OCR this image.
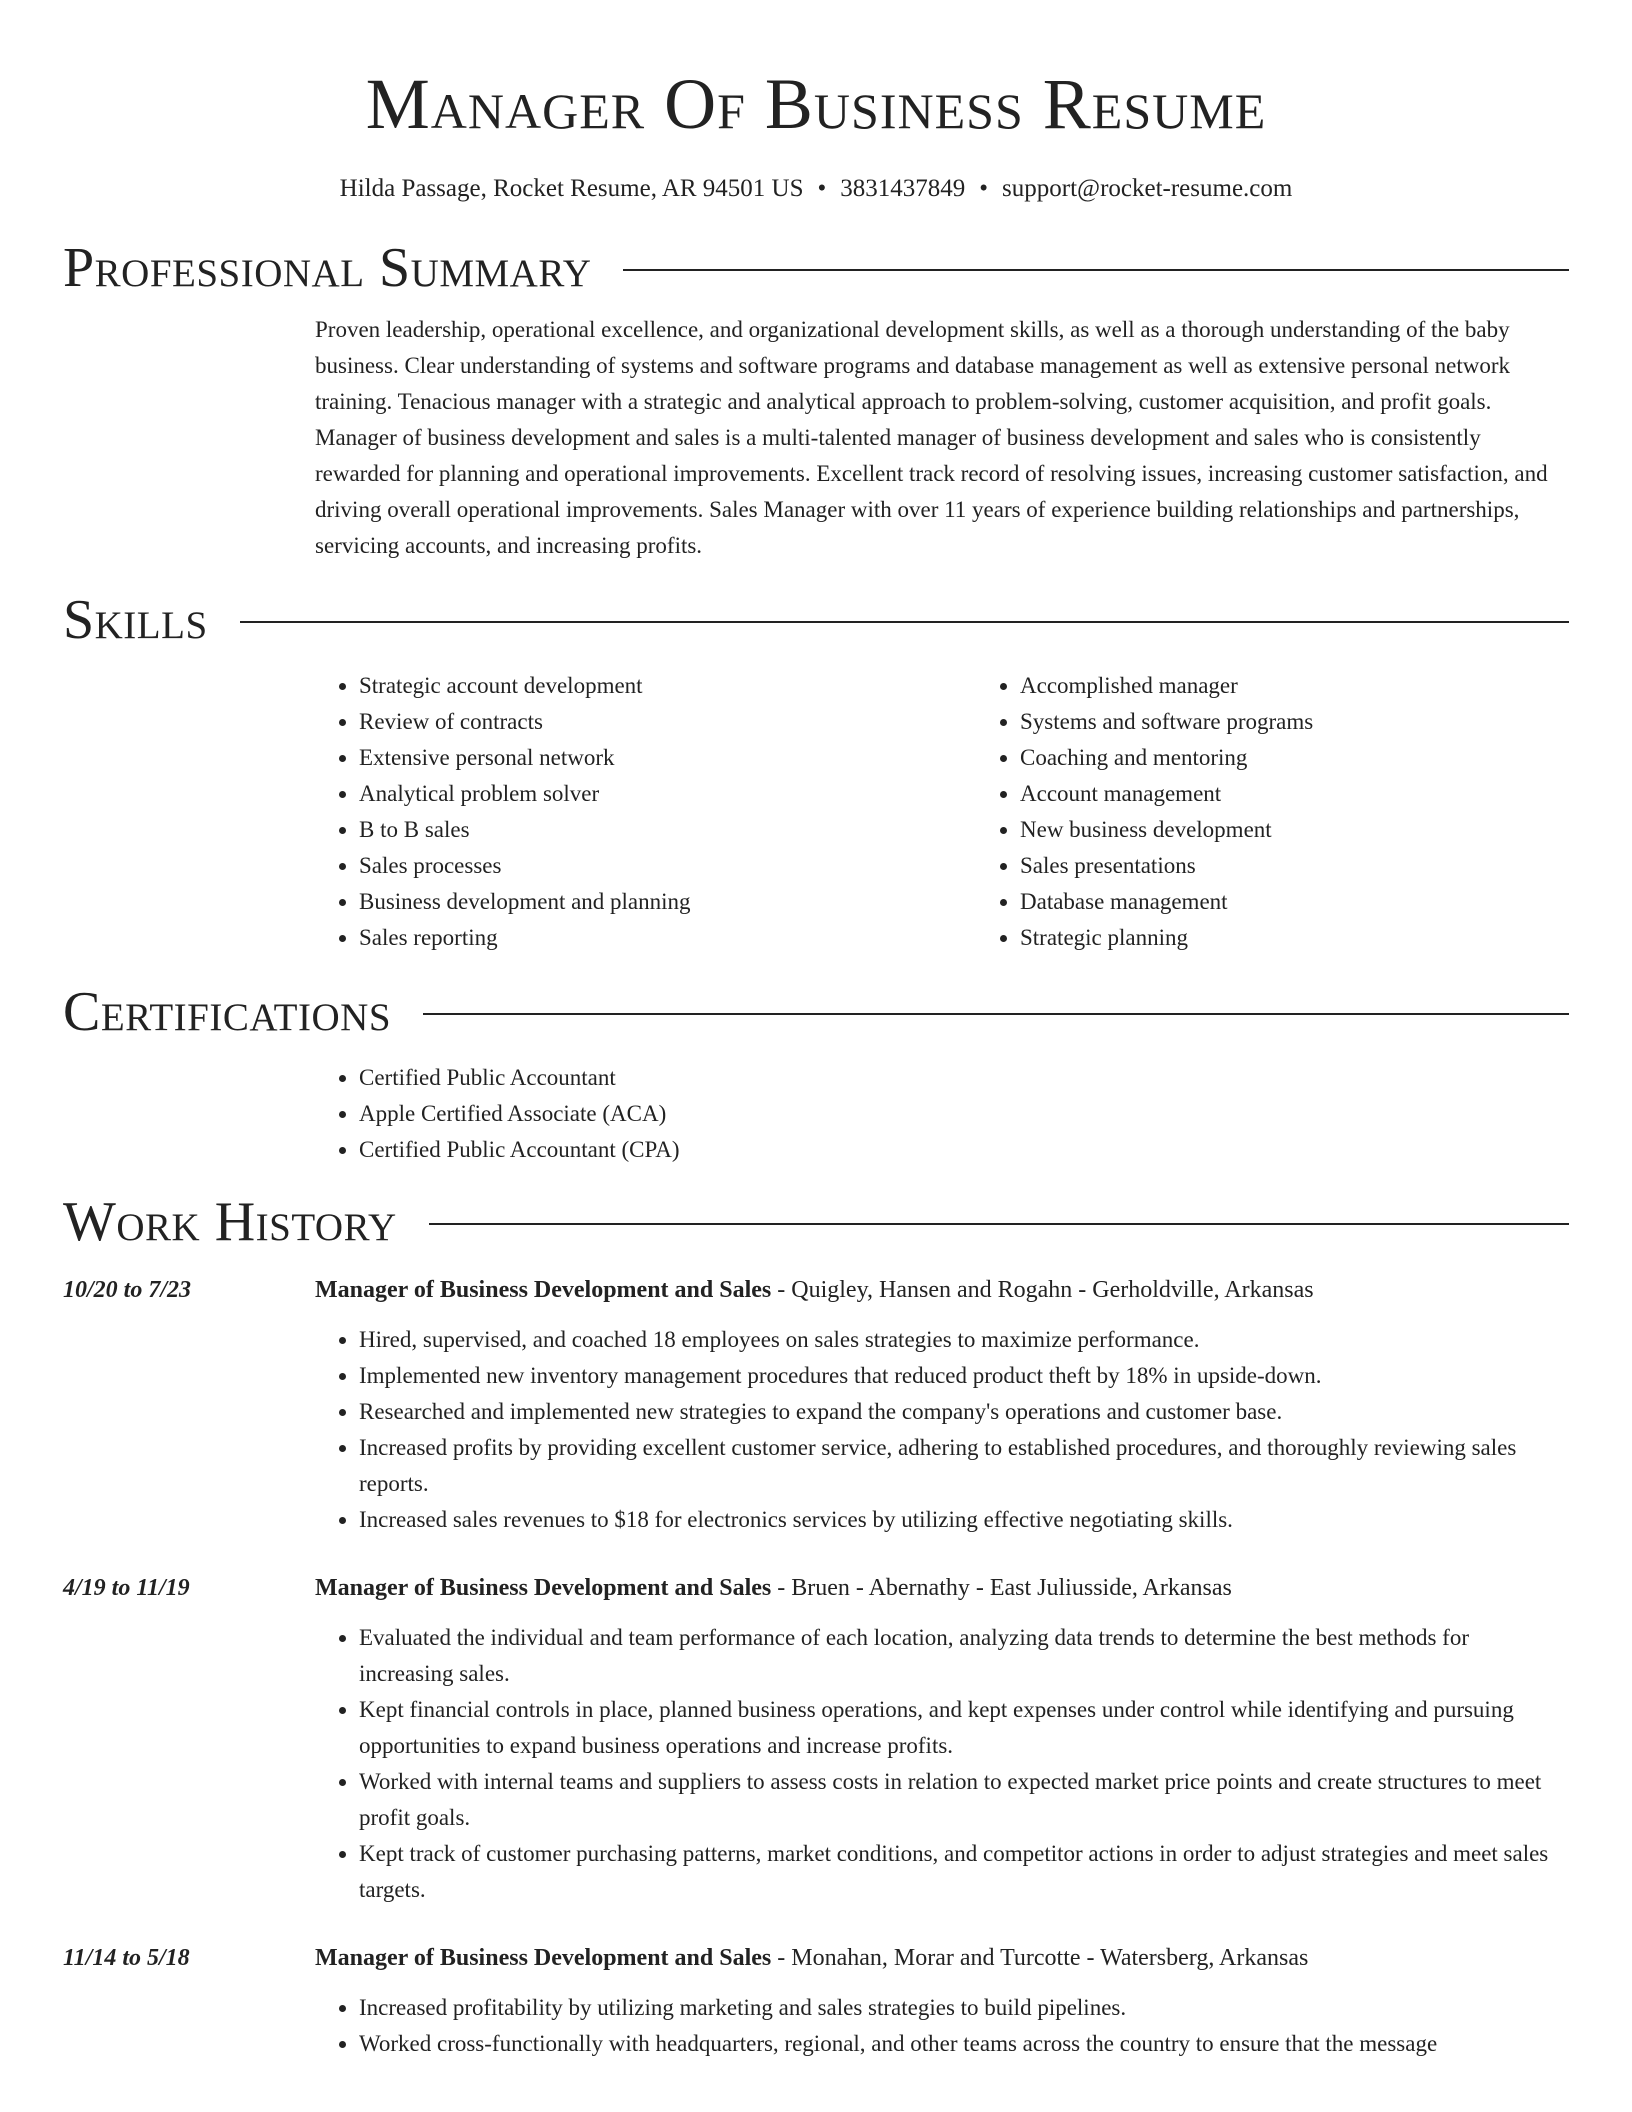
Manager Of Business Resume
Hilda Passage, Rocket Resume, AR 94501 US • 3831437849 • support@rocket-resume.com
Professional Summary

Proven leadership, operational excellence, and organizational development skills, as well as a thorough understanding of the baby business. Clear understanding of systems and software programs and database management as well as extensive personal network training. Tenacious manager with a strategic and analytical approach to problem-solving, customer acquisition, and profit goals. Manager of business development and sales is a multi-talented manager of business development and sales who is consistently rewarded for planning and operational improvements. Excellent track record of resolving issues, increasing customer satisfaction, and driving overall operational improvements. Sales Manager with over 11 years of experience building relationships and partnerships, servicing accounts, and increasing profits.

Skills
• Strategic account development
• Review of contracts
• Extensive personal network
• Analytical problem solver
• B to B sales
• Sales processes
• Business development and planning
• Sales reporting
• Accomplished manager
• Systems and software programs
• Coaching and mentoring
• Account management
• New business development
• Sales presentations
• Database management
• Strategic planning
Certifications
• Certified Public Accountant
• Apple Certified Associate (ACA)
• Certified Public Accountant (CPA)
Work History
10/20 to 7/23	Manager of Business Development and Sales - Quigley, Hansen and Rogahn - Gerholdville, Arkansas
• Hired, supervised, and coached 18 employees on sales strategies to maximize performance.
• Implemented new inventory management procedures that reduced product theft by 18% in upside-down.
• Researched and implemented new strategies to expand the company's operations and customer base.
• Increased profits by providing excellent customer service, adhering to established procedures, and thoroughly reviewing sales reports.
• Increased sales revenues to $18 for electronics services by utilizing effective negotiating skills.
4/19 to 11/19	Manager of Business Development and Sales - Bruen - Abernathy - East Juliusside, Arkansas
• Evaluated the individual and team performance of each location, analyzing data trends to determine the best methods for increasing sales.
• Kept financial controls in place, planned business operations, and kept expenses under control while identifying and pursuing opportunities to expand business operations and increase profits.
• Worked with internal teams and suppliers to assess costs in relation to expected market price points and create structures to meet profit goals.
• Kept track of customer purchasing patterns, market conditions, and competitor actions in order to adjust strategies and meet sales targets.
11/14 to 5/18	Manager of Business Development and Sales - Monahan, Morar and Turcotte - Watersberg, Arkansas
• Increased profitability by utilizing marketing and sales strategies to build pipelines.
• Worked cross-functionally with headquarters, regional, and other teams across the country to ensure that the message
